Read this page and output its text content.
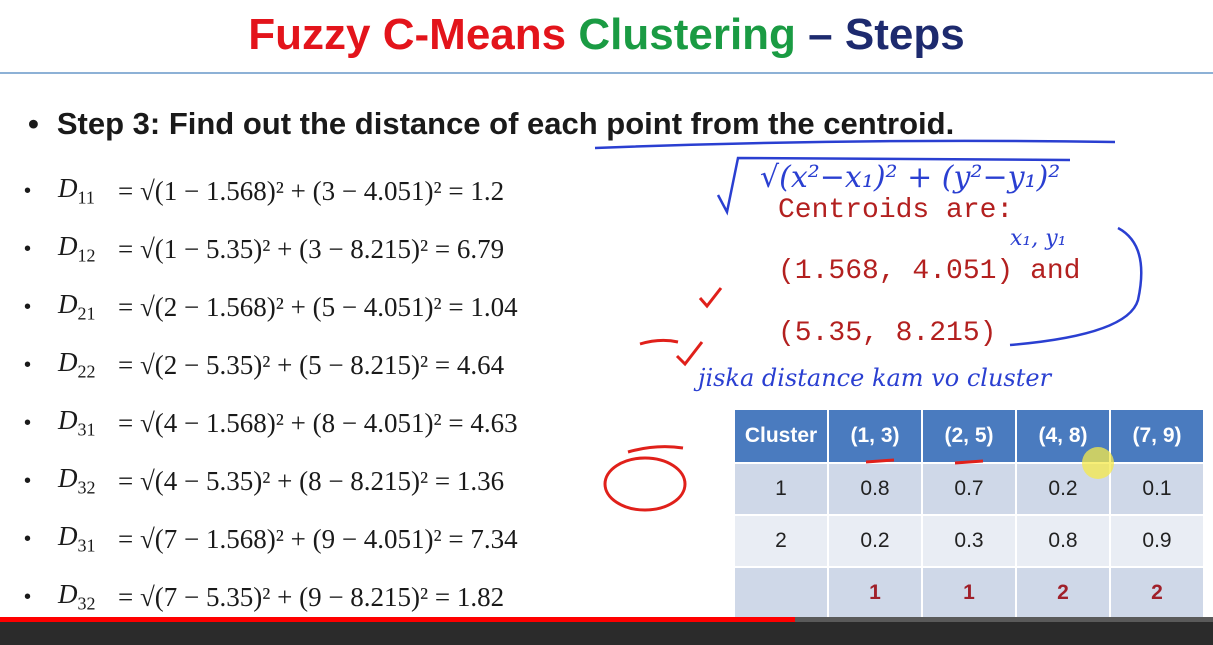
Fuzzy C-Means Clustering – Steps
• Step 3: Find out the distance of each point from the centroid.
• $D_{11} = √(1 - 1.568)^2 + (3 - 4.051)^2 = 1.2$
• $D_{12} = √(1 - 5.35)^2 + (3 - 8.215)^2 = 6.79$
• $D_{21} = √(2 - 1.568)^2 + (5 - 4.051)^2 = 1.04$
• $D_{22} = √(2 - 5.35)^2 + (5 - 8.215)^2 = 4.64$
• $D_{31} = √(4 - 1.568)^2 + (8 - 4.051)^2 = 4.63$
• $D_{32} = √(4 - 5.35)^2 + (8 - 8.215)^2 = 1.36$
• $D_{31} = √(7 - 1.568)^2 + (9 - 4.051)^2 = 7.34$
• $D_{32} = √(7 - 5.35)^2 + (9 - 8.215)^2 = 1.82$
Centroids are:
(1.568, 4.051) and
(5.35, 8.215)
Cluster	(1, 3)	(2, 5)	(4, 8)	(7, 9)
1	0.8	0.7	0.2	0.1
2	0.2	0.3	0.8	0.9
	1	1	2	2
√(x²−x₁)² + (y²−y₁)²
x₁, y₁
jiska distance kam vo cluster
